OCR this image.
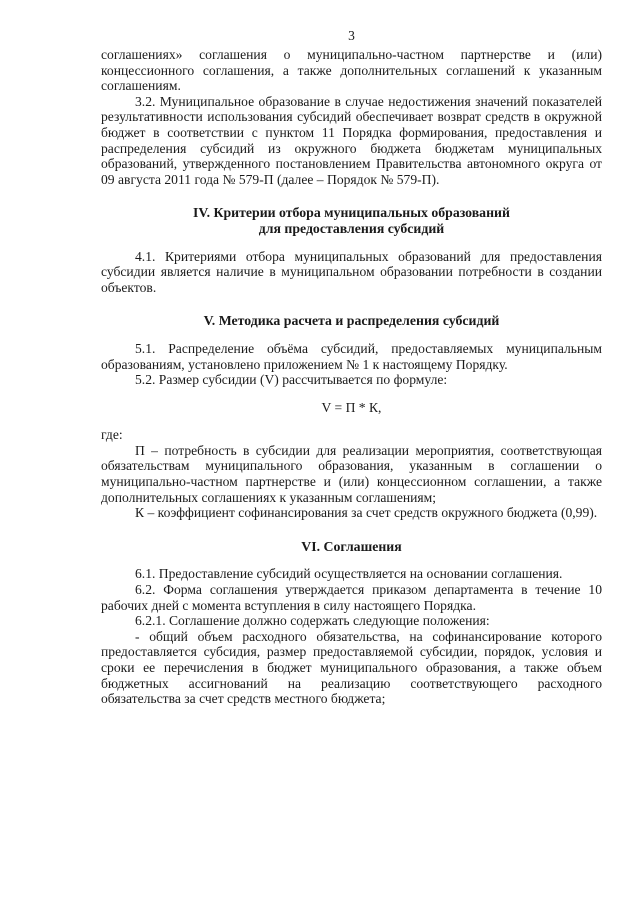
3

соглашениях» соглашения о муниципально-частном партнерстве и (или) концессионного соглашения, а также дополнительных соглашений к указанным соглашениям.

3.2. Муниципальное образование в случае недостижения значений показателей результативности использования субсидий обеспечивает возврат средств в окружной бюджет в соответствии с пунктом 11 Порядка формирования, предоставления и распределения субсидий из окружного бюджета бюджетам муниципальных образований, утвержденного постановлением Правительства автономного округа от 09 августа 2011 года № 579-П (далее – Порядок № 579-П).

IV. Критерии отбора муниципальных образований

для предоставления субсидий

4.1. Критериями отбора муниципальных образований для предоставления субсидии является наличие в муниципальном образовании потребности в создании объектов.

V. Методика расчета и распределения субсидий

5.1. Распределение объёма субсидий, предоставляемых муниципальным образованиям, установлено приложением № 1 к настоящему Порядку.

5.2. Размер субсидии (V) рассчитывается по формуле:

V = П * К,

где:

П – потребность в субсидии для реализации мероприятия, соответствующая обязательствам муниципального образования, указанным в соглашении о муниципально-частном партнерстве и (или) концессионном соглашении, а также дополнительных соглашениях к указанным соглашениям;

К – коэффициент софинансирования за счет средств окружного бюджета (0,99).

VI. Соглашения

6.1. Предоставление субсидий осуществляется на основании соглашения.

6.2. Форма соглашения утверждается приказом департамента в течение 10 рабочих дней с момента вступления в силу настоящего Порядка.

6.2.1. Соглашение должно содержать следующие положения:

- общий объем расходного обязательства, на софинансирование которого предоставляется субсидия, размер предоставляемой субсидии, порядок, условия и сроки ее перечисления в бюджет муниципального образования, а также объем бюджетных ассигнований на реализацию соответствующего расходного обязательства за счет средств местного бюджета;
